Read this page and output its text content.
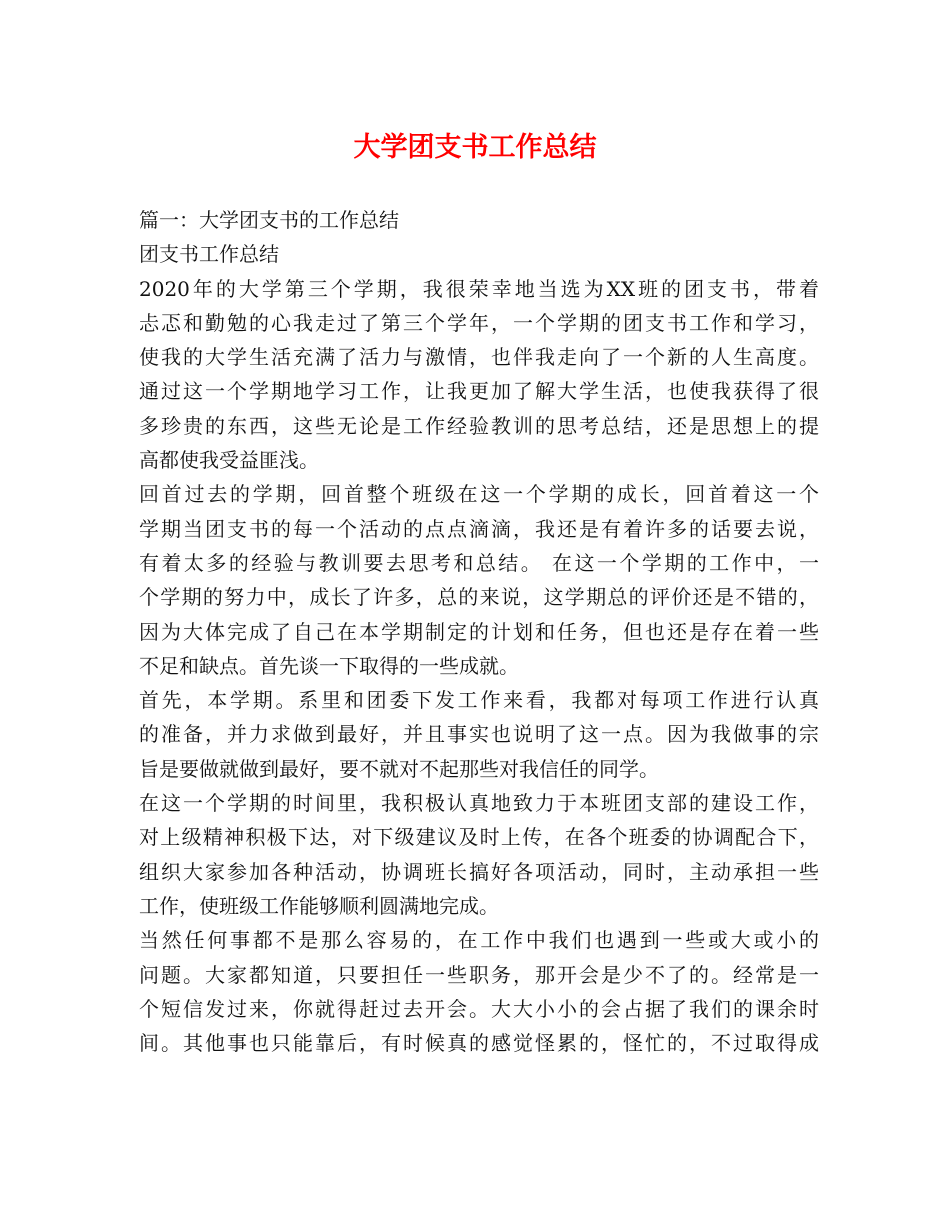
大学团支书工作总结
篇一：大学团支书的工作总结
团支书工作总结
2020年的大学第三个学期，我很荣幸地当选为XX班的团支书，带着
忐忑和勤勉的心我走过了第三个学年，一个学期的团支书工作和学习，
使我的大学生活充满了活力与激情，也伴我走向了一个新的人生高度。
通过这一个学期地学习工作，让我更加了解大学生活，也使我获得了很
多珍贵的东西，这些无论是工作经验教训的思考总结，还是思想上的提
高都使我受益匪浅。
回首过去的学期，回首整个班级在这一个学期的成长，回首着这一个
学期当团支书的每一个活动的点点滴滴，我还是有着许多的话要去说，
有着太多的经验与教训要去思考和总结。 在这一个学期的工作中，一
个学期的努力中，成长了许多，总的来说，这学期总的评价还是不错的，
因为大体完成了自己在本学期制定的计划和任务，但也还是存在着一些
不足和缺点。首先谈一下取得的一些成就。
首先，本学期。系里和团委下发工作来看，我都对每项工作进行认真
的准备，并力求做到最好，并且事实也说明了这一点。因为我做事的宗
旨是要做就做到最好，要不就对不起那些对我信任的同学。
在这一个学期的时间里，我积极认真地致力于本班团支部的建设工作，
对上级精神积极下达，对下级建议及时上传，在各个班委的协调配合下，
组织大家参加各种活动，协调班长搞好各项活动，同时，主动承担一些
工作，使班级工作能够顺利圆满地完成。
当然任何事都不是那么容易的，在工作中我们也遇到一些或大或小的
问题。大家都知道，只要担任一些职务，那开会是少不了的。经常是一
个短信发过来，你就得赶过去开会。大大小小的会占据了我们的课余时
间。其他事也只能靠后，有时候真的感觉怪累的，怪忙的，不过取得成
